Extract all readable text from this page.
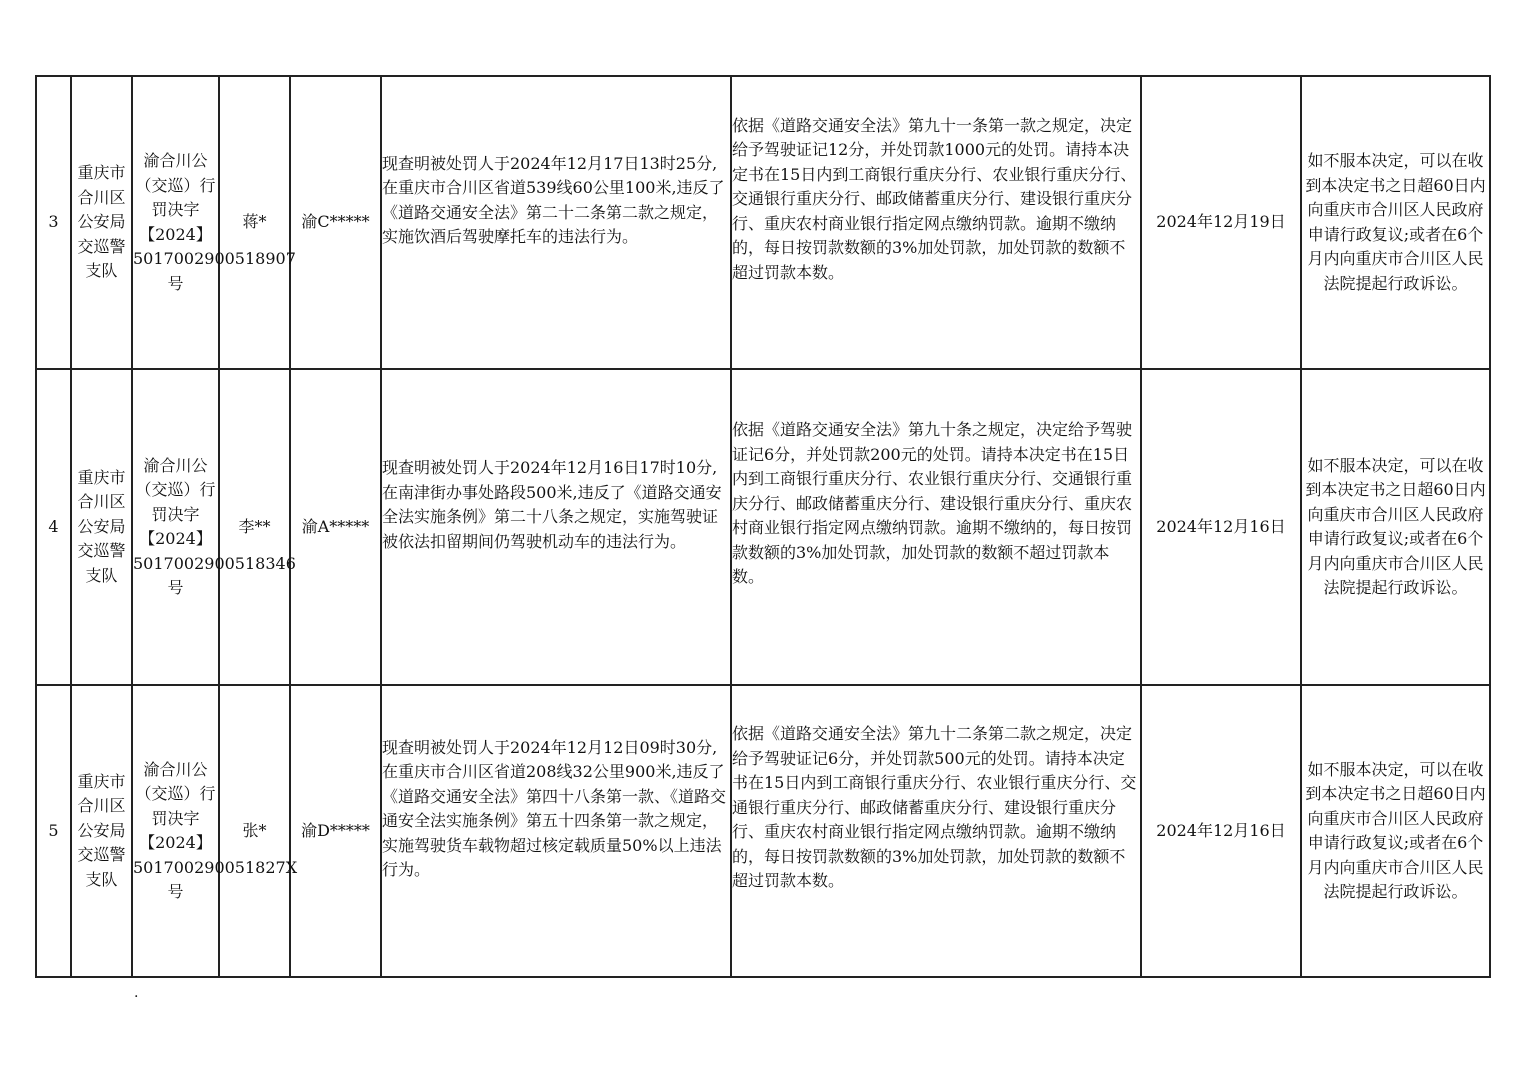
3	重庆市合川区公安局交巡警支队	渝合川公（交巡）行罚决字【2024】5017002900518907号	蒋*	渝C*****	现查明被处罚人于2024年12月17日13时25分,在重庆市合川区省道539线60公里100米,违反了《道路交通安全法》第二十二条第二款之规定，实施饮酒后驾驶摩托车的违法行为。	依据《道路交通安全法》第九十一条第一款之规定，决定给予驾驶证记12分，并处罚款1000元的处罚。请持本决定书在15日内到工商银行重庆分行、农业银行重庆分行、交通银行重庆分行、邮政储蓄重庆分行、建设银行重庆分行、重庆农村商业银行指定网点缴纳罚款。逾期不缴纳的，每日按罚款数额的3%加处罚款，加处罚款的数额不超过罚款本数。	2024年12月19日	如不服本决定，可以在收到本决定书之日超60日内向重庆市合川区人民政府申请行政复议;或者在6个月内向重庆市合川区人民法院提起行政诉讼。
4	重庆市合川区公安局交巡警支队	渝合川公（交巡）行罚决字【2024】5017002900518346号	李**	渝A*****	现查明被处罚人于2024年12月16日17时10分,在南津街办事处路段500米,违反了《道路交通安全法实施条例》第二十八条之规定，实施驾驶证被依法扣留期间仍驾驶机动车的违法行为。	依据《道路交通安全法》第九十条之规定，决定给予驾驶证记6分，并处罚款200元的处罚。请持本决定书在15日内到工商银行重庆分行、农业银行重庆分行、交通银行重庆分行、邮政储蓄重庆分行、建设银行重庆分行、重庆农村商业银行指定网点缴纳罚款。逾期不缴纳的，每日按罚款数额的3%加处罚款，加处罚款的数额不超过罚款本数。	2024年12月16日	如不服本决定，可以在收到本决定书之日超60日内向重庆市合川区人民政府申请行政复议;或者在6个月内向重庆市合川区人民法院提起行政诉讼。
5	重庆市合川区公安局交巡警支队	渝合川公（交巡）行罚决字【2024】501700290051827X号	张*	渝D*****	现查明被处罚人于2024年12月12日09时30分,在重庆市合川区省道208线32公里900米,违反了《道路交通安全法》第四十八条第一款、《道路交通安全法实施条例》第五十四条第一款之规定，实施驾驶货车载物超过核定载质量50%以上违法行为。	依据《道路交通安全法》第九十二条第二款之规定，决定给予驾驶证记6分，并处罚款500元的处罚。请持本决定书在15日内到工商银行重庆分行、农业银行重庆分行、交通银行重庆分行、邮政储蓄重庆分行、建设银行重庆分行、重庆农村商业银行指定网点缴纳罚款。逾期不缴纳的，每日按罚款数额的3%加处罚款，加处罚款的数额不超过罚款本数。	2024年12月16日	如不服本决定，可以在收到本决定书之日超60日内向重庆市合川区人民政府申请行政复议;或者在6个月内向重庆市合川区人民法院提起行政诉讼。
.
